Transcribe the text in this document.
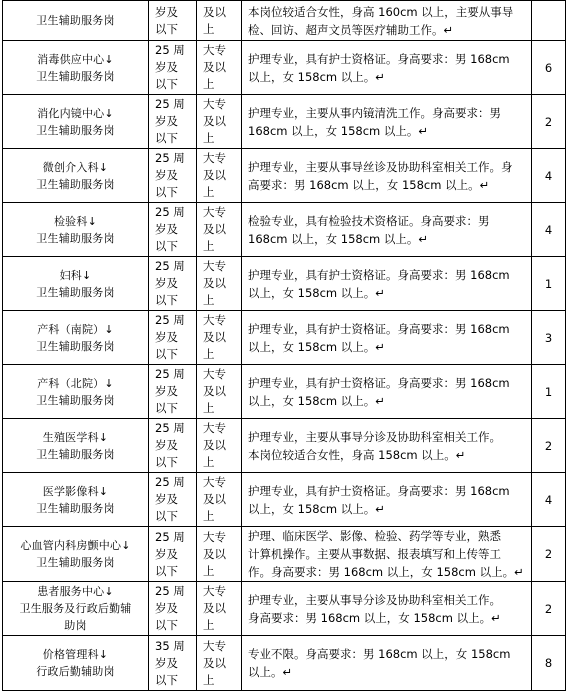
卫生辅助服务岗	岁及
以下	及以
上	本岗位较适合女性，身高 160cm 以上，主要从事导
检、回访、超声文员等医疗辅助工作。↵	

消毒供应中心↓
卫生辅助服务岗	25 周
岁及
以下	大专
及以
上	护理专业，具有护士资格证。身高要求：男 168cm
以上，女 158cm 以上。↵	6

消化内镜中心↓
卫生辅助服务岗	25 周
岁及
以下	大专
及以
上	护理专业，主要从事内镜清洗工作。身高要求：男
168cm 以上，女 158cm 以上。↵	2

微创介入科↓
卫生辅助服务岗	25 周
岁及
以下	大专
及以
上	护理专业，主要从事导丝诊及协助科室相关工作。身
高要求：男 168cm 以上，女 158cm 以上。↵	4

检验科↓
卫生辅助服务岗	25 周
岁及
以下	大专
及以
上	检验专业，具有检验技术资格证。身高要求：男
168cm 以上，女 158cm 以上。↵	4

妇科↓
卫生辅助服务岗	25 周
岁及
以下	大专
及以
上	护理专业，具有护士资格证。身高要求：男 168cm
以上，女 158cm 以上。↵	1

产科（南院）↓
卫生辅助服务岗	25 周
岁及
以下	大专
及以
上	护理专业，具有护士资格证。身高要求：男 168cm
以上，女 158cm 以上。↵	3

产科（北院）↓
卫生辅助服务岗	25 周
岁及
以下	大专
及以
上	护理专业，具有护士资格证。身高要求：男 168cm
以上，女 158cm 以上。↵	1

生殖医学科↓
卫生辅助服务岗	25 周
岁及
以下	大专
及以
上	护理专业，主要从事导分诊及协助科室相关工作。
本岗位较适合女性，身高 158cm 以上。↵	2

医学影像科↓
卫生辅助服务岗	25 周
岁及
以下	大专
及以
上	护理专业，具有护士资格证。身高要求：男 168cm
以上，女 158cm 以上。↵	4

心血管内科房颤中心↓
卫生辅助服务岗	25 周
岁及
以下	大专
及以
上	护理、临床医学、影像、检验、药学等专业，熟悉
计算机操作。主要从事数据、报表填写和上传等工
作。身高要求：男 168cm 以上，女 158cm 以上。↵	2

患者服务中心↓
卫生服务及行政后勤辅
助岗	25 周
岁及
以下	大专
及以
上	护理专业，主要从事导分诊及协助科室相关工作。
身高要求：男 168cm 以上，女 158cm 以上。↵	2

价格管理科↓
行政后勤辅助岗	35 周
岁及
以下	大专
及以
上	专业不限。身高要求：男 168cm 以上，女 158cm
以上。↵	8
